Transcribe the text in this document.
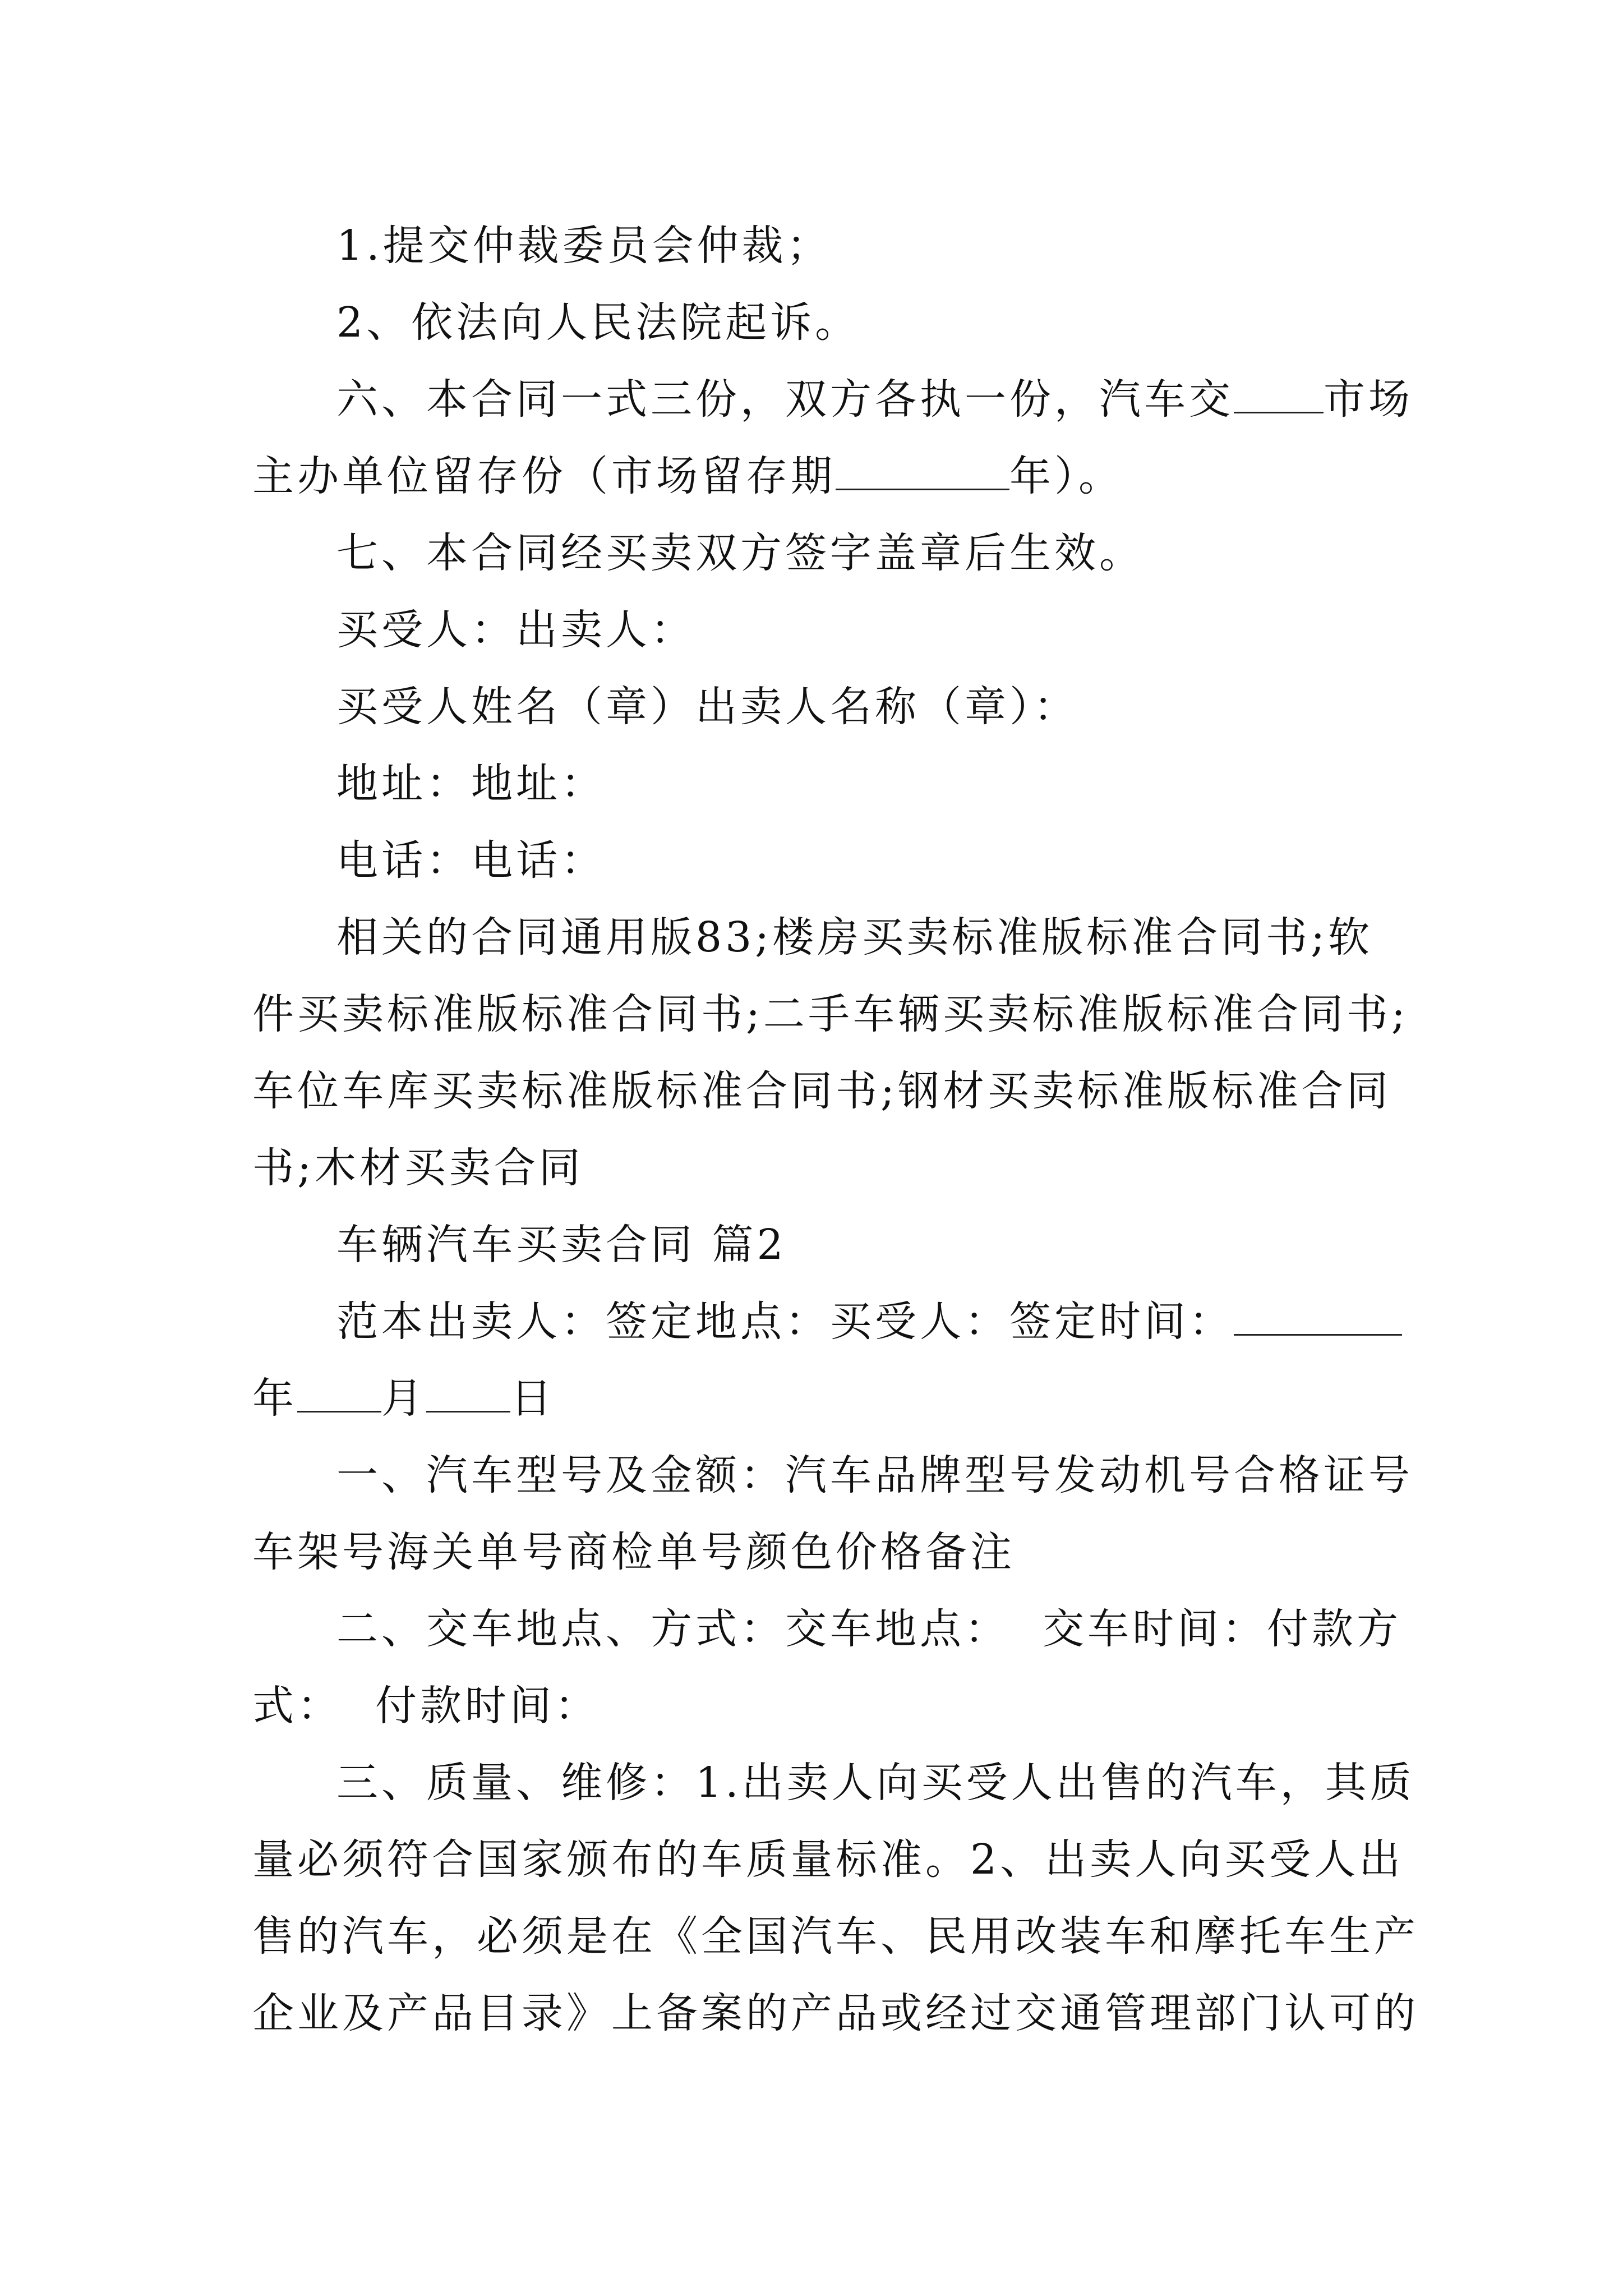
1.提交仲裁委员会仲裁；
2、依法向人民法院起诉。
六、本合同一式三份，双方各执一份，汽车交 市场
主办单位留存份（市场留存期	年）。
七、本合同经买卖双方签字盖章后生效。
买受人：出卖人：
买受人姓名（章）出卖人名称（章）：
地址：地址：
电话：电话：
相关的合同通用版83;楼房买卖标准版标准合同书;软
件买卖标准版标准合同书;二手车辆买卖标准版标准合同书;
车位车库买卖标准版标准合同书;钢材买卖标准版标准合同
书;木材买卖合同
车辆汽车买卖合同 篇2
范本出卖人：签定地点：买受人：签定时间：
年 月 日
一、汽车型号及金额：汽车品牌型号发动机号合格证号
车架号海关单号商检单号颜色价格备注
二、交车地点、方式：交车地点：  交车时间：付款方
式：  付款时间：
三、质量、维修：1.出卖人向买受人出售的汽车，其质
量必须符合国家颁布的车质量标准。2、出卖人向买受人出
售的汽车，必须是在《全国汽车、民用改装车和摩托车生产
企业及产品目录》上备案的产品或经过交通管理部门认可的
